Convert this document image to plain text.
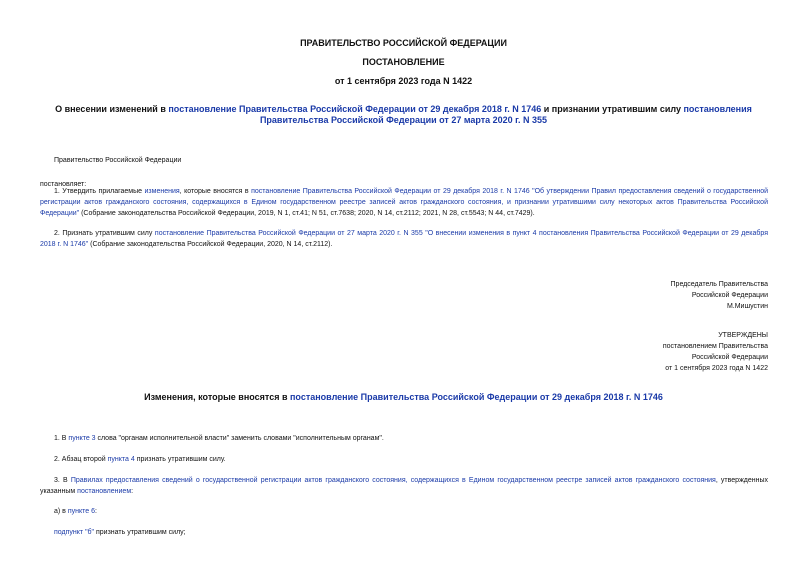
ПРАВИТЕЛЬСТВО РОССИЙСКОЙ ФЕДЕРАЦИИ
ПОСТАНОВЛЕНИЕ
от 1 сентября 2023 года N 1422
О внесении изменений в постановление Правительства Российской Федерации от 29 декабря 2018 г. N 1746 и признании утратившим силу постановления Правительства Российской Федерации от 27 марта 2020 г. N 355
Правительство Российской Федерации
постановляет:
1. Утвердить прилагаемые изменения, которые вносятся в постановление Правительства Российской Федерации от 29 декабря 2018 г. N 1746 "Об утверждении Правил предоставления сведений о государственной регистрации актов гражданского состояния, содержащихся в Едином государственном реестре записей актов гражданского состояния, и признании утратившими силу некоторых актов Правительства Российской Федерации" (Собрание законодательства Российской Федерации, 2019, N 1, ст.41; N 51, ст.7638; 2020, N 14, ст.2112; 2021, N 28, ст.5543; N 44, ст.7429).
2. Признать утратившим силу постановление Правительства Российской Федерации от 27 марта 2020 г. N 355 "О внесении изменения в пункт 4 постановления Правительства Российской Федерации от 29 декабря 2018 г. N 1746" (Собрание законодательства Российской Федерации, 2020, N 14, ст.2112).
Председатель Правительства
Российской Федерации
М.Мишустин
УТВЕРЖДЕНЫ
постановлением Правительства
Российской Федерации
от 1 сентября 2023 года N 1422
Изменения, которые вносятся в постановление Правительства Российской Федерации от 29 декабря 2018 г. N 1746
1. В пункте 3 слова "органам исполнительной власти" заменить словами "исполнительным органам".
2. Абзац второй пункта 4 признать утратившим силу.
3. В Правилах предоставления сведений о государственной регистрации актов гражданского состояния, содержащихся в Едином государственном реестре записей актов гражданского состояния, утвержденных указанным постановлением:
а) в пункте 6:
подпункт "б" признать утратившим силу;
